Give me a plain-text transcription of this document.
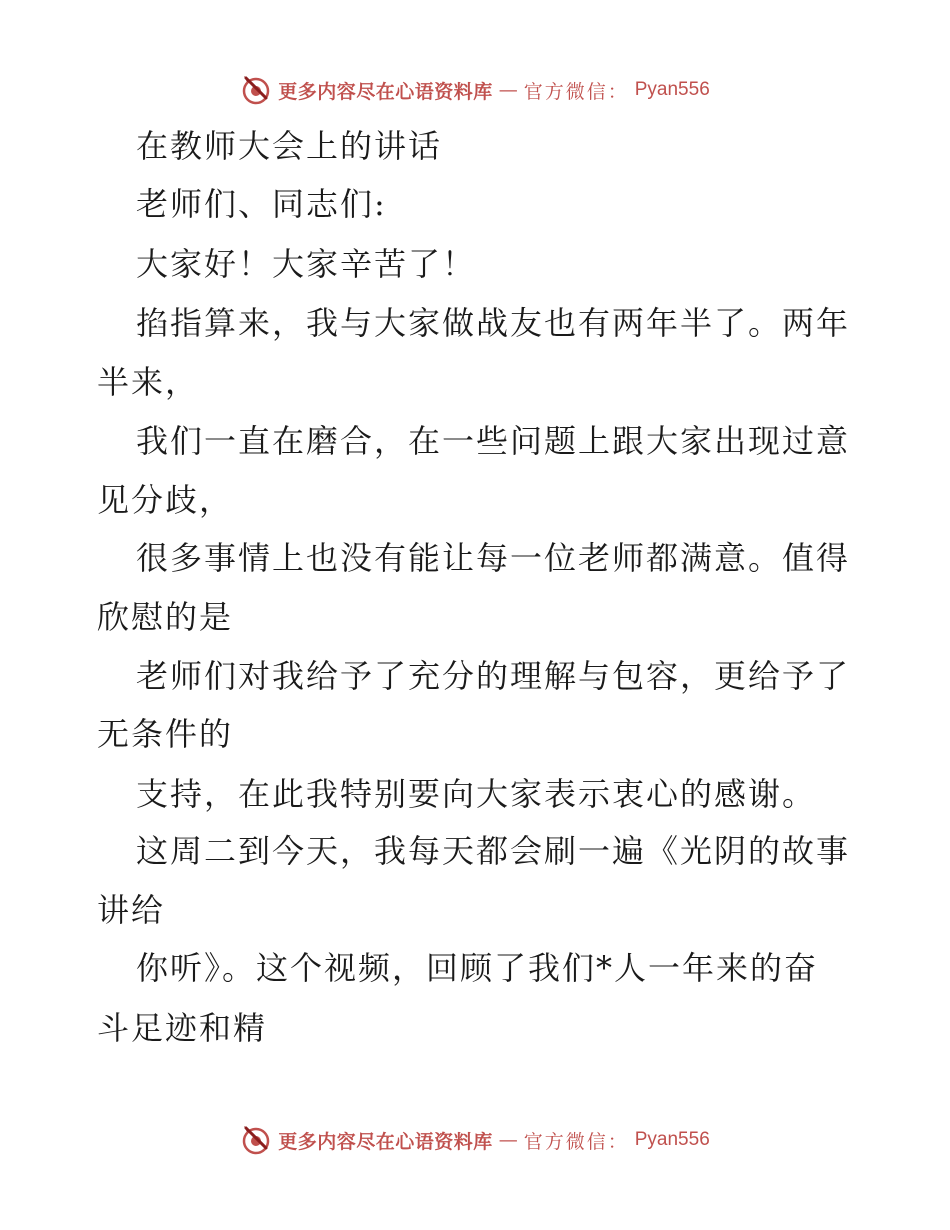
更多内容尽在心语资料库 — 官方微信： Pyan556
在教师大会上的讲话
老师们、同志们:
大家好！大家辛苦了！
掐指算来，我与大家做战友也有两年半了。两年
半来，
我们一直在磨合，在一些问题上跟大家出现过意
见分歧，
很多事情上也没有能让每一位老师都满意。值得
欣慰的是
老师们对我给予了充分的理解与包容，更给予了
无条件的
支持，在此我特别要向大家表示衷心的感谢。
这周二到今天，我每天都会刷一遍《光阴的故事
讲给
你听》。这个视频，回顾了我们*人一年来的奋
斗足迹和精
更多内容尽在心语资料库 — 官方微信： Pyan556
